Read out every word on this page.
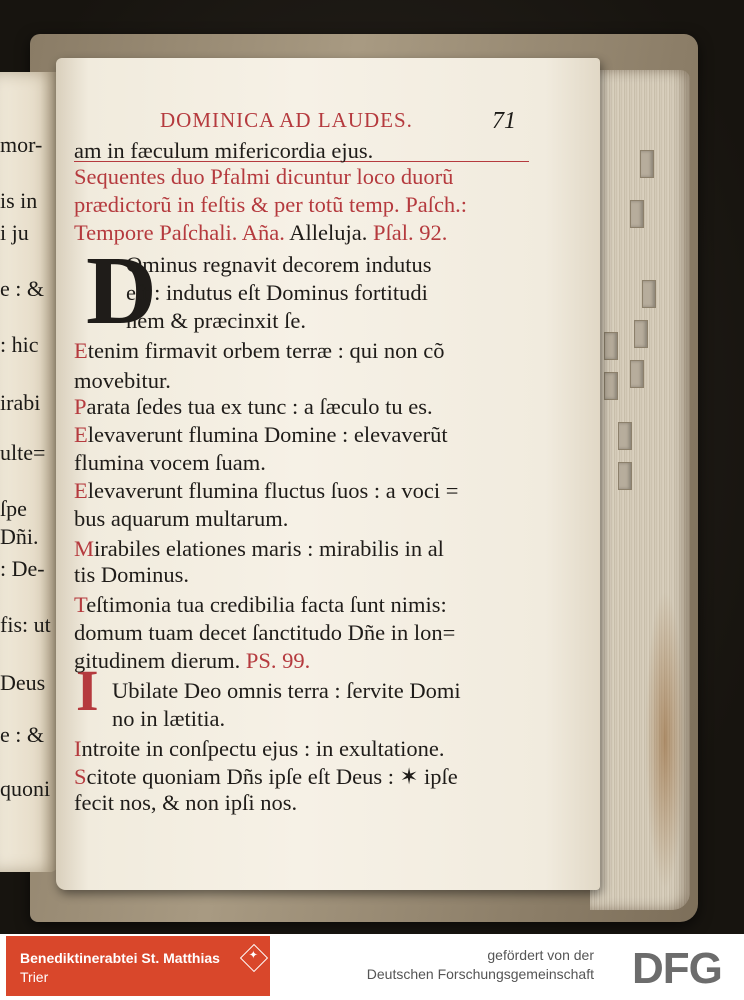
mor-
is in
i ju
e : &
: hic
irabi
ulte=
ſpe
Dñi.
: De-
fis: ut
Deus
e : &
quoni
DOMINICA AD LAUDES.	71
D
I
am in fæculum mifericordia ejus.
Sequentes duo Pfalmi dicuntur loco duorũ
prædictorũ in feſtis & per totũ temp. Paſch.:
Tempore Paſchali. Aña. Alleluja. Pſal. 92.
Ominus regnavit decorem indutus
eſt : indutus eſt Dominus fortitudi
nem & præcinxit ſe.
Etenim firmavit orbem terræ : qui non cõ
movebitur.
Parata ſedes tua ex tunc : a ſæculo tu es.
Elevaverunt flumina Domine : elevaverũt
flumina vocem ſuam.
Elevaverunt flumina fluctus ſuos : a voci =
bus aquarum multarum.
Mirabiles elationes maris : mirabilis in al
tis Dominus.
Teſtimonia tua credibilia facta ſunt nimis:
domum tuam decet ſanctitudo Dñe in lon=
gitudinem dierum. PS. 99.
Ubilate Deo omnis terra : ſervite Domi
no in lætitia.
Introite in conſpectu ejus : in exultatione.
Scitote quoniam Dñs ipſe eſt Deus : ✶ ipſe
fecit nos, & non ipſi nos.
Benediktinerabtei St. Matthias
Trier
✦	gefördert von der
Deutschen Forschungsgemeinschaft DFG
